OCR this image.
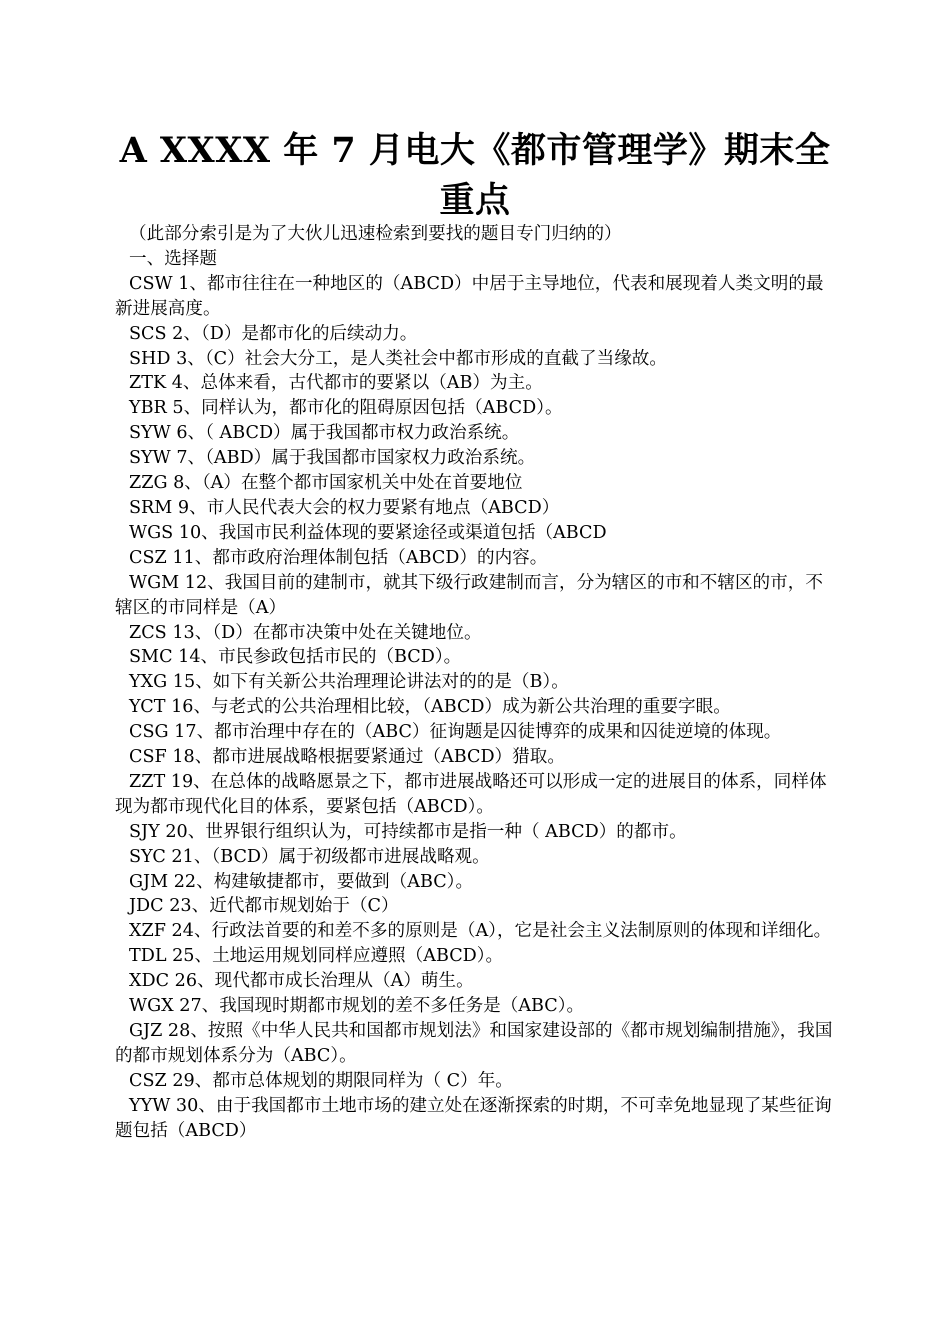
A XXXX 年 7 月电大《都市管理学》期末全重点

（此部分索引是为了大伙儿迅速检索到要找的题目专门归纳的）

一、选择题

CSW 1、都市往往在一种地区的（ABCD）中居于主导地位，代表和展现着人类文明的最新进展高度。

SCS 2、（D）是都市化的后续动力。

SHD 3、（C）社会大分工，是人类社会中都市形成的直截了当缘故。

ZTK 4、总体来看，古代都市的要紧以（AB）为主。

YBR 5、同样认为，都市化的阻碍原因包括（ABCD）。

SYW 6、（ ABCD）属于我国都市权力政治系统。

SYW 7、（ABD）属于我国都市国家权力政治系统。

ZZG 8、（A）在整个都市国家机关中处在首要地位

SRM 9、市人民代表大会的权力要紧有地点（ABCD）

WGS 10、我国市民利益体现的要紧途径或渠道包括（ABCD

CSZ 11、都市政府治理体制包括（ABCD）的内容。

WGM 12、我国目前的建制市，就其下级行政建制而言，分为辖区的市和不辖区的市，不辖区的市同样是（A）

ZCS 13、（D）在都市决策中处在关键地位。

SMC 14、市民参政包括市民的（BCD）。

YXG 15、如下有关新公共治理理论讲法对的的是（B）。

YCT 16、与老式的公共治理相比较，（ABCD）成为新公共治理的重要字眼。

CSG 17、都市治理中存在的（ABC）征询题是囚徒博弈的成果和囚徒逆境的体现。

CSF 18、都市进展战略根据要紧通过（ABCD）猎取。

ZZT 19、在总体的战略愿景之下，都市进展战略还可以形成一定的进展目的体系，同样体现为都市现代化目的体系，要紧包括（ABCD）。

SJY 20、世界银行组织认为，可持续都市是指一种（ ABCD）的都市。

SYC 21、（BCD）属于初级都市进展战略观。

GJM 22、构建敏捷都市，要做到（ABC）。

JDC 23、近代都市规划始于（C）

XZF 24、行政法首要的和差不多的原则是（A），它是社会主义法制原则的体现和详细化。

TDL 25、土地运用规划同样应遵照（ABCD）。

XDC 26、现代都市成长治理从（A）萌生。

WGX 27、我国现时期都市规划的差不多任务是（ABC）。

GJZ 28、按照《中华人民共和国都市规划法》和国家建设部的《都市规划编制措施》，我国的都市规划体系分为（ABC）。

CSZ 29、都市总体规划的期限同样为（ C）年。

YYW 30、由于我国都市土地市场的建立处在逐渐探索的时期，不可幸免地显现了某些征询题包括（ABCD）
